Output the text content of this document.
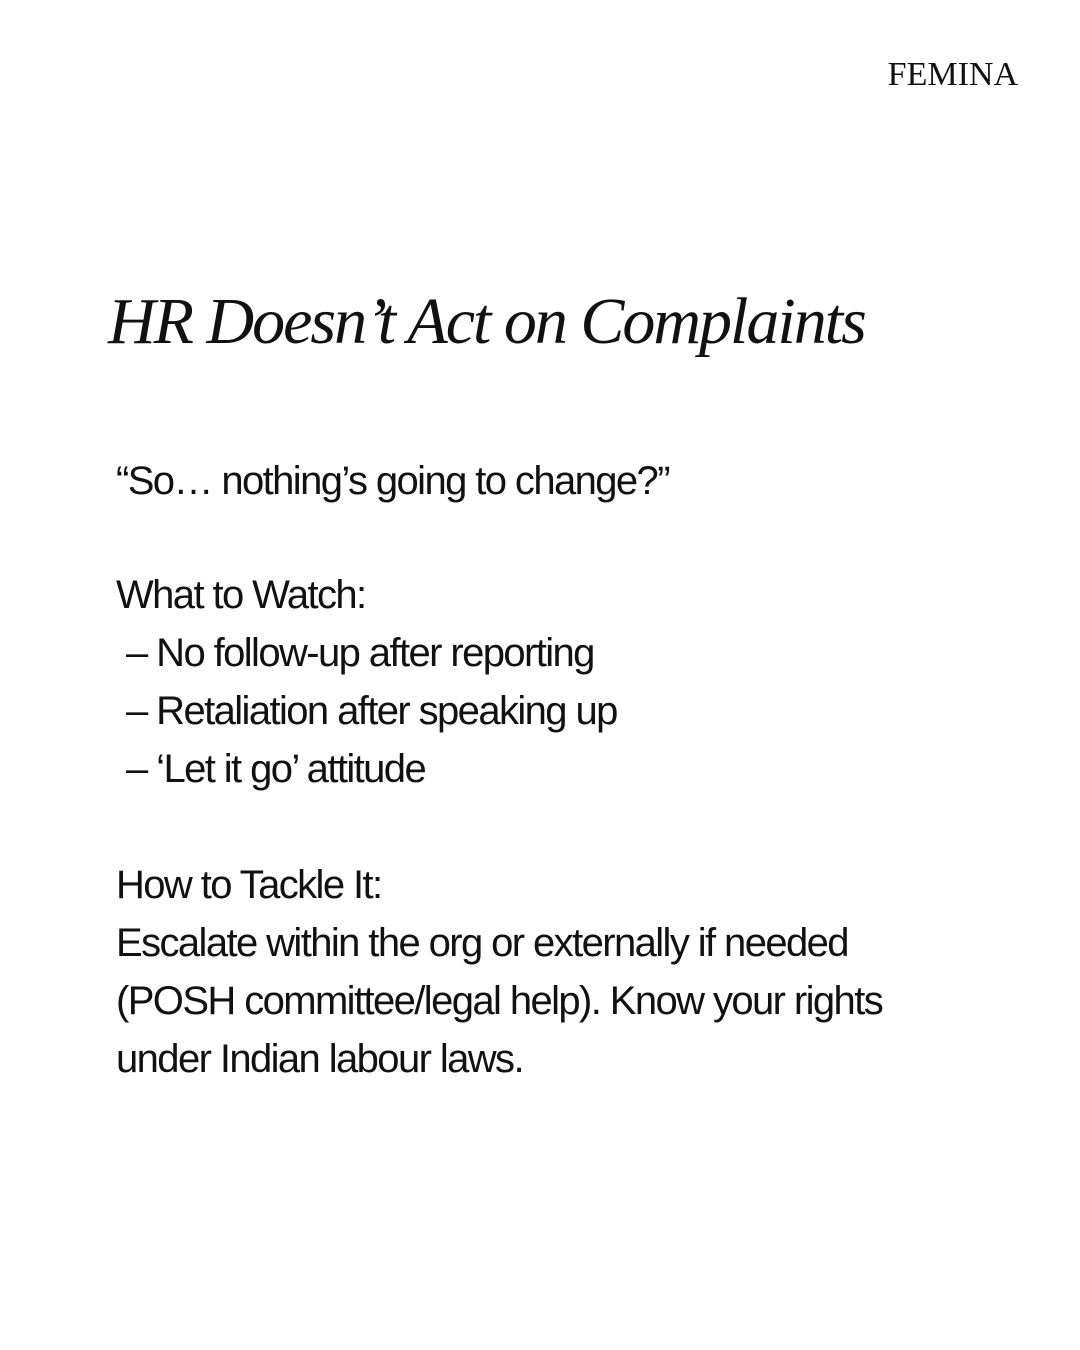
FEMINA
HR Doesn’t Act on Complaints
“So… nothing’s going to change?”
What to Watch:
– No follow-up after reporting
– Retaliation after speaking up
– ‘Let it go’ attitude
How to Tackle It:
Escalate within the org or externally if needed
(POSH committee/legal help). Know your rights
under Indian labour laws.
